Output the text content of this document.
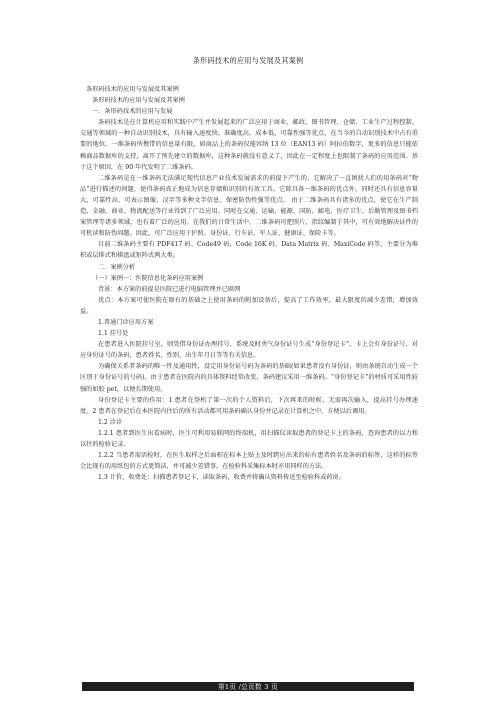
条形码技术的应用与发展及其案例

条形码技术的应用与发展及其案例

条形码技术的应用与发展及其案例

一．条形码技术的应用与发展

条码技术是在计算机应用和实践中产生并发展起来的广泛应用于商业、邮政、图书管理、仓储、工业生产过程控制、交通等领域的一种自动识别技术，具有输入速度快、准确度高、成本低、可靠性强等优点，在当今的自动识别技术中占有重要的地位。一维条码所携带的信息量有限，如商品上的条码仅能容纳 13 位（EAN13 码）阿拉伯数字，更多的信息只能依赖商品数据库的支持，离开了预先建立的数据库，这种条码就没有意义了，因此在一定程度上也限制了条码的应用范围。基于这个原因，在 90 年代发明了二维条码。

二维条码是在一维条码无法满足现代信息产业技术发展需求的前提下产生的，它解决了一直困扰人们的用条码对“物品”进行描述的问题，使得条码真正地成为信息存储和识别的有效工具。它除具备一维条码的优点外，同时还具有信息容量大、可靠性高、可表示图像、汉字等多种文字信息、保密防伪性强等优点。 由于二维条码具有诸多的优点，使它在生产制造、金融、商业、物流配送等行业得到了广泛应用。同时在交通、运输、能源、国防、邮电、医疗卫生、后勤管理及图书档案管理等诸多领域，也有着广泛的应用。在我们的日常生活中，二维条码可把照片、指纹编制于其中，可有效地解决证件的可机读和防伪问题。因此，可广泛应用于护照、身份证、行车证、军人证、健康证、保险卡等。

目前二维条码主要有 PDF417 码、Code49 码、Code 16K 码、Data Matrix 码、MaxiCode 码等，主要分为堆积或层排式和棋盘或矩阵式两大类。

二．案例分析

（一）案例一：医院信息化条码应用案例

背景：本方案的前提是医院已进行电脑管理并已联网

优点：本方案可使医院在原有的基础之上使用条码的附加设备后，提高了工作效率，最大限度的减少差错，增加效益。

1.普通门诊应用方案

1.1 挂号处

在患者进入医院挂号室，则凭借身份证办理挂号，系统及时勇气身份证号生成“身份登记卡”，卡上会有身份证号，对应身份证号的条码，患者姓名，性别，出生年月日等等有关信息。

为确保关系者条码的唯一性及通用性，设定用身份证号码为条码的基础(如果患者没有身份证，则由条统自动生成一个区别于身份证号的号码)。由于患者在医院内的具体资料经常改变，条码建议采用一维条码。“身份登记卡”的材质可采用性较强的如胶 pet，以便长期使用。

身份登记卡主要的作用：1 患者在登机了第一次的个人资料后，下次再来的时候，无需再次输入，提高挂号办理速度。2 患者在登记后在本医院内往后的所有活动都可用条码确认身份并记录在计算机之中，方便以后调用。

1.2 诊诊

1.2.1 患者到医生出看病时，医生可利用易联网的终端机，用扫描仪读取患者的登记卡上的条码，查询患者的以力和以往的检验记录。

1.2.2 当患者需活检时，在医生取样之后面积在标本上贴上及时跨应出来的标有患者姓名及条码的标签，这样的标签会比现有的用纸包的方式更简洁，并可减少差错事。在检验科采集标本时亦用同样的方法。

1.3 计价，收费处：扫描患者登记卡，读取条码，收费并将确认资料传送至检验科或药房。

第1页 /总页数 3 页
